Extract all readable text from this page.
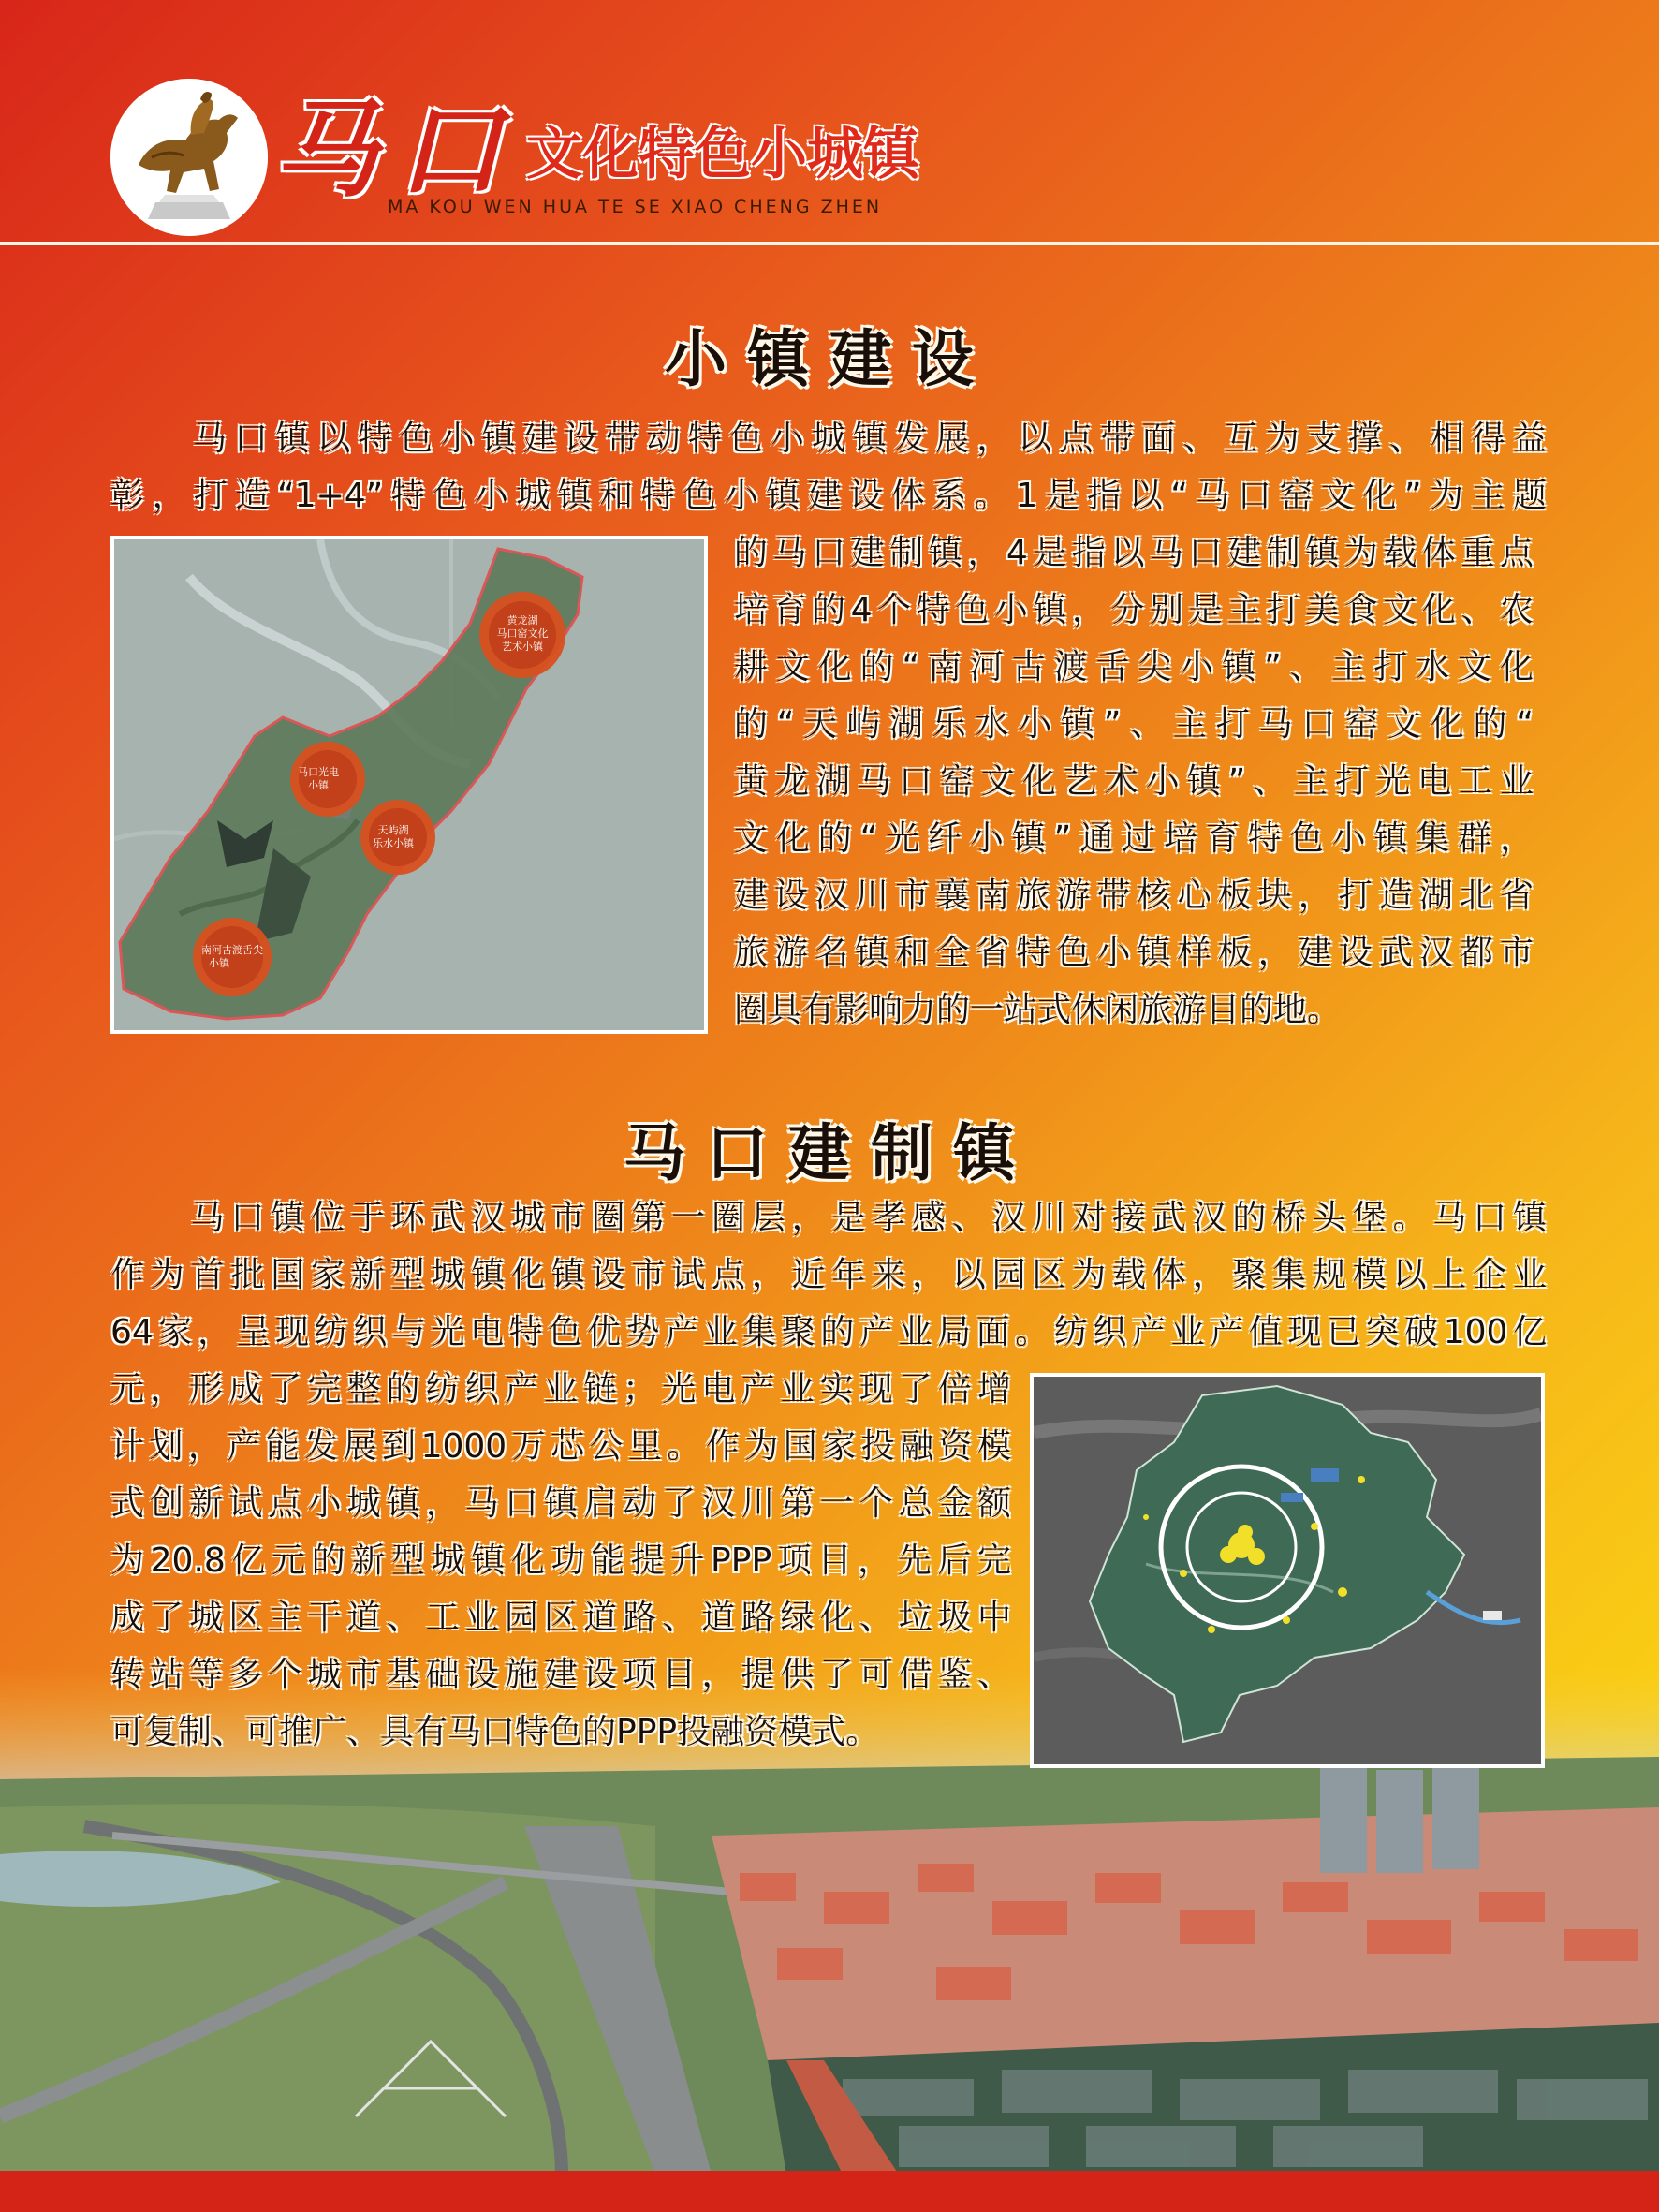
马口 文化特色小城镇
MA KOU WEN HUA TE SE XIAO CHENG ZHEN
小镇建设
　　马口镇以特色小镇建设带动特色小城镇发展，以点带面、互为支撑、相得益
彰，打造“1+4”特色小城镇和特色小镇建设体系。1是指以“马口窑文化”为主题
黄龙湖
马口窑文化
艺术小镇
马口光电
小镇
天屿湖
乐水小镇
南河古渡舌尖
小镇
的马口建制镇，4是指以马口建制镇为载体重点
培育的4个特色小镇，分别是主打美食文化、农
耕文化的“南河古渡舌尖小镇”、主打水文化
的“天屿湖乐水小镇”、主打马口窑文化的“
黄龙湖马口窑文化艺术小镇”、主打光电工业
文化的“光纤小镇”通过培育特色小镇集群，
建设汉川市襄南旅游带核心板块，打造湖北省
旅游名镇和全省特色小镇样板，建设武汉都市
圈具有影响力的一站式休闲旅游目的地。
马口建制镇
　　马口镇位于环武汉城市圈第一圈层，是孝感、汉川对接武汉的桥头堡。马口镇
作为首批国家新型城镇化镇设市试点，近年来，以园区为载体，聚集规模以上企业
64家，呈现纺织与光电特色优势产业集聚的产业局面。纺织产业产值现已突破100亿
元，形成了完整的纺织产业链；光电产业实现了倍增
计划，产能发展到1000万芯公里。作为国家投融资模
式创新试点小城镇，马口镇启动了汉川第一个总金额
为20.8亿元的新型城镇化功能提升PPP项目，先后完
成了城区主干道、工业园区道路、道路绿化、垃圾中
转站等多个城市基础设施建设项目，提供了可借鉴、
可复制、可推广、具有马口特色的PPP投融资模式。
